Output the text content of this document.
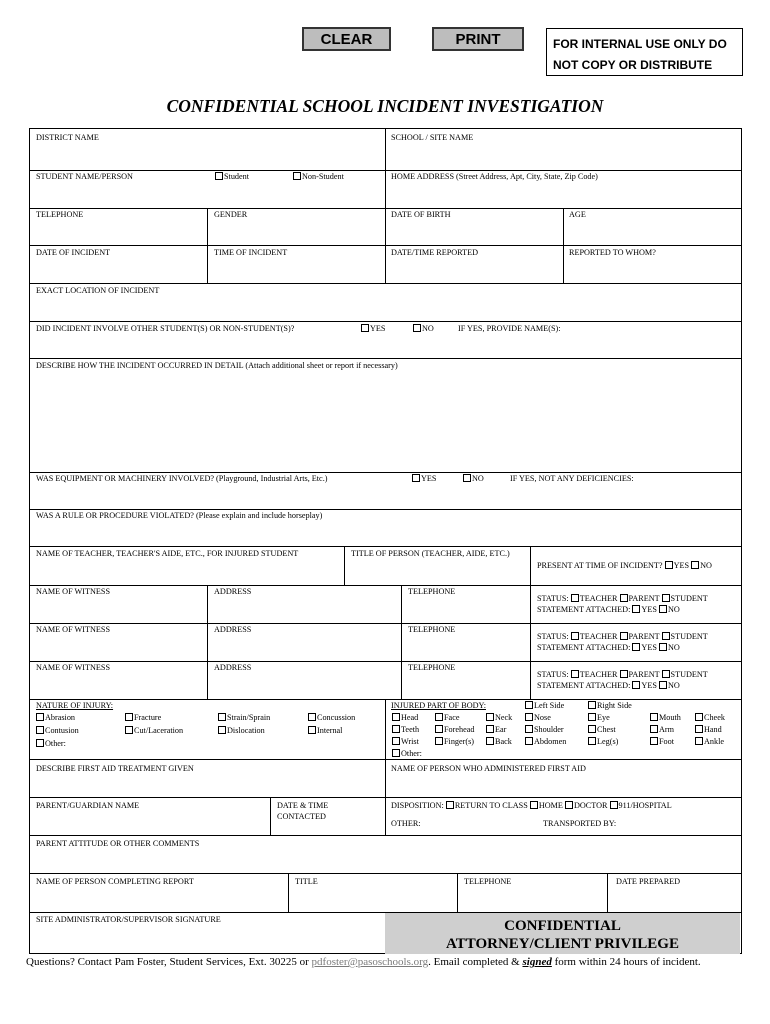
CLEAR	PRINT	FOR INTERNAL USE ONLY DO
NOT COPY OR DISTRIBUTE
CONFIDENTIAL SCHOOL INCIDENT INVESTIGATION
DISTRICT NAME	SCHOOL / SITE NAME
STUDENT NAME/PERSON	Student	Non-Student	HOME ADDRESS (Street Address, Apt, City, State, Zip Code)
TELEPHONE	GENDER	DATE OF BIRTH	AGE
DATE OF INCIDENT	TIME OF INCIDENT	DATE/TIME REPORTED	REPORTED TO WHOM?
EXACT LOCATION OF INCIDENT
DID INCIDENT INVOLVE OTHER STUDENT(S) OR NON-STUDENT(S)?	YES	NO	IF YES, PROVIDE NAME(S):
DESCRIBE HOW THE INCIDENT OCCURRED IN DETAIL (Attach additional sheet or report if necessary)
WAS EQUIPMENT OR MACHINERY INVOLVED? (Playground, Industrial Arts, Etc.)	YES	NO	IF YES, NOT ANY DEFICIENCIES:
WAS A RULE OR PROCEDURE VIOLATED? (Please explain and include horseplay)
NAME OF TEACHER, TEACHER'S AIDE, ETC., FOR INJURED STUDENT	TITLE OF PERSON (TEACHER, AIDE, ETC.)
PRESENT AT TIME OF INCIDENT? YES NO
NAME OF WITNESS	ADDRESS	TELEPHONE
STATUS: TEACHER PARENT STUDENT
STATEMENT ATTACHED: YES NO
NAME OF WITNESS	ADDRESS	TELEPHONE
STATUS: TEACHER PARENT STUDENT
STATEMENT ATTACHED: YES NO
NAME OF WITNESS	ADDRESS	TELEPHONE
STATUS: TEACHER PARENT STUDENT
STATEMENT ATTACHED: YES NO
NATURE OF INJURY:
Abrasion	Fracture	Strain/Sprain	Concussion
Contusion	Cut/Laceration	Dislocation	Internal
Other:
INJURED PART OF BODY:	Left Side	Right Side
Head	Face	Neck	Nose	Eye	Mouth	Cheek
Teeth	Forehead	Ear	Shoulder	Chest	Arm	Hand
Wrist	Finger(s)	Back	Abdomen	Leg(s)	Foot	Ankle
Other:
DESCRIBE FIRST AID TREATMENT GIVEN	NAME OF PERSON WHO ADMINISTERED FIRST AID
PARENT/GUARDIAN NAME	DATE & TIME
CONTACTED
DISPOSITION: RETURN TO CLASS HOME DOCTOR 911/HOSPITAL
OTHER:	TRANSPORTED BY:
PARENT ATTITUDE OR OTHER COMMENTS
NAME OF PERSON COMPLETING REPORT	TITLE	TELEPHONE	DATE PREPARED
SITE ADMINISTRATOR/SUPERVISOR SIGNATURE	CONFIDENTIAL
ATTORNEY/CLIENT PRIVILEGE
Questions? Contact Pam Foster, Student Services, Ext. 30225 or pdfoster@pasoschools.org. Email completed & signed form within 24 hours of incident.
